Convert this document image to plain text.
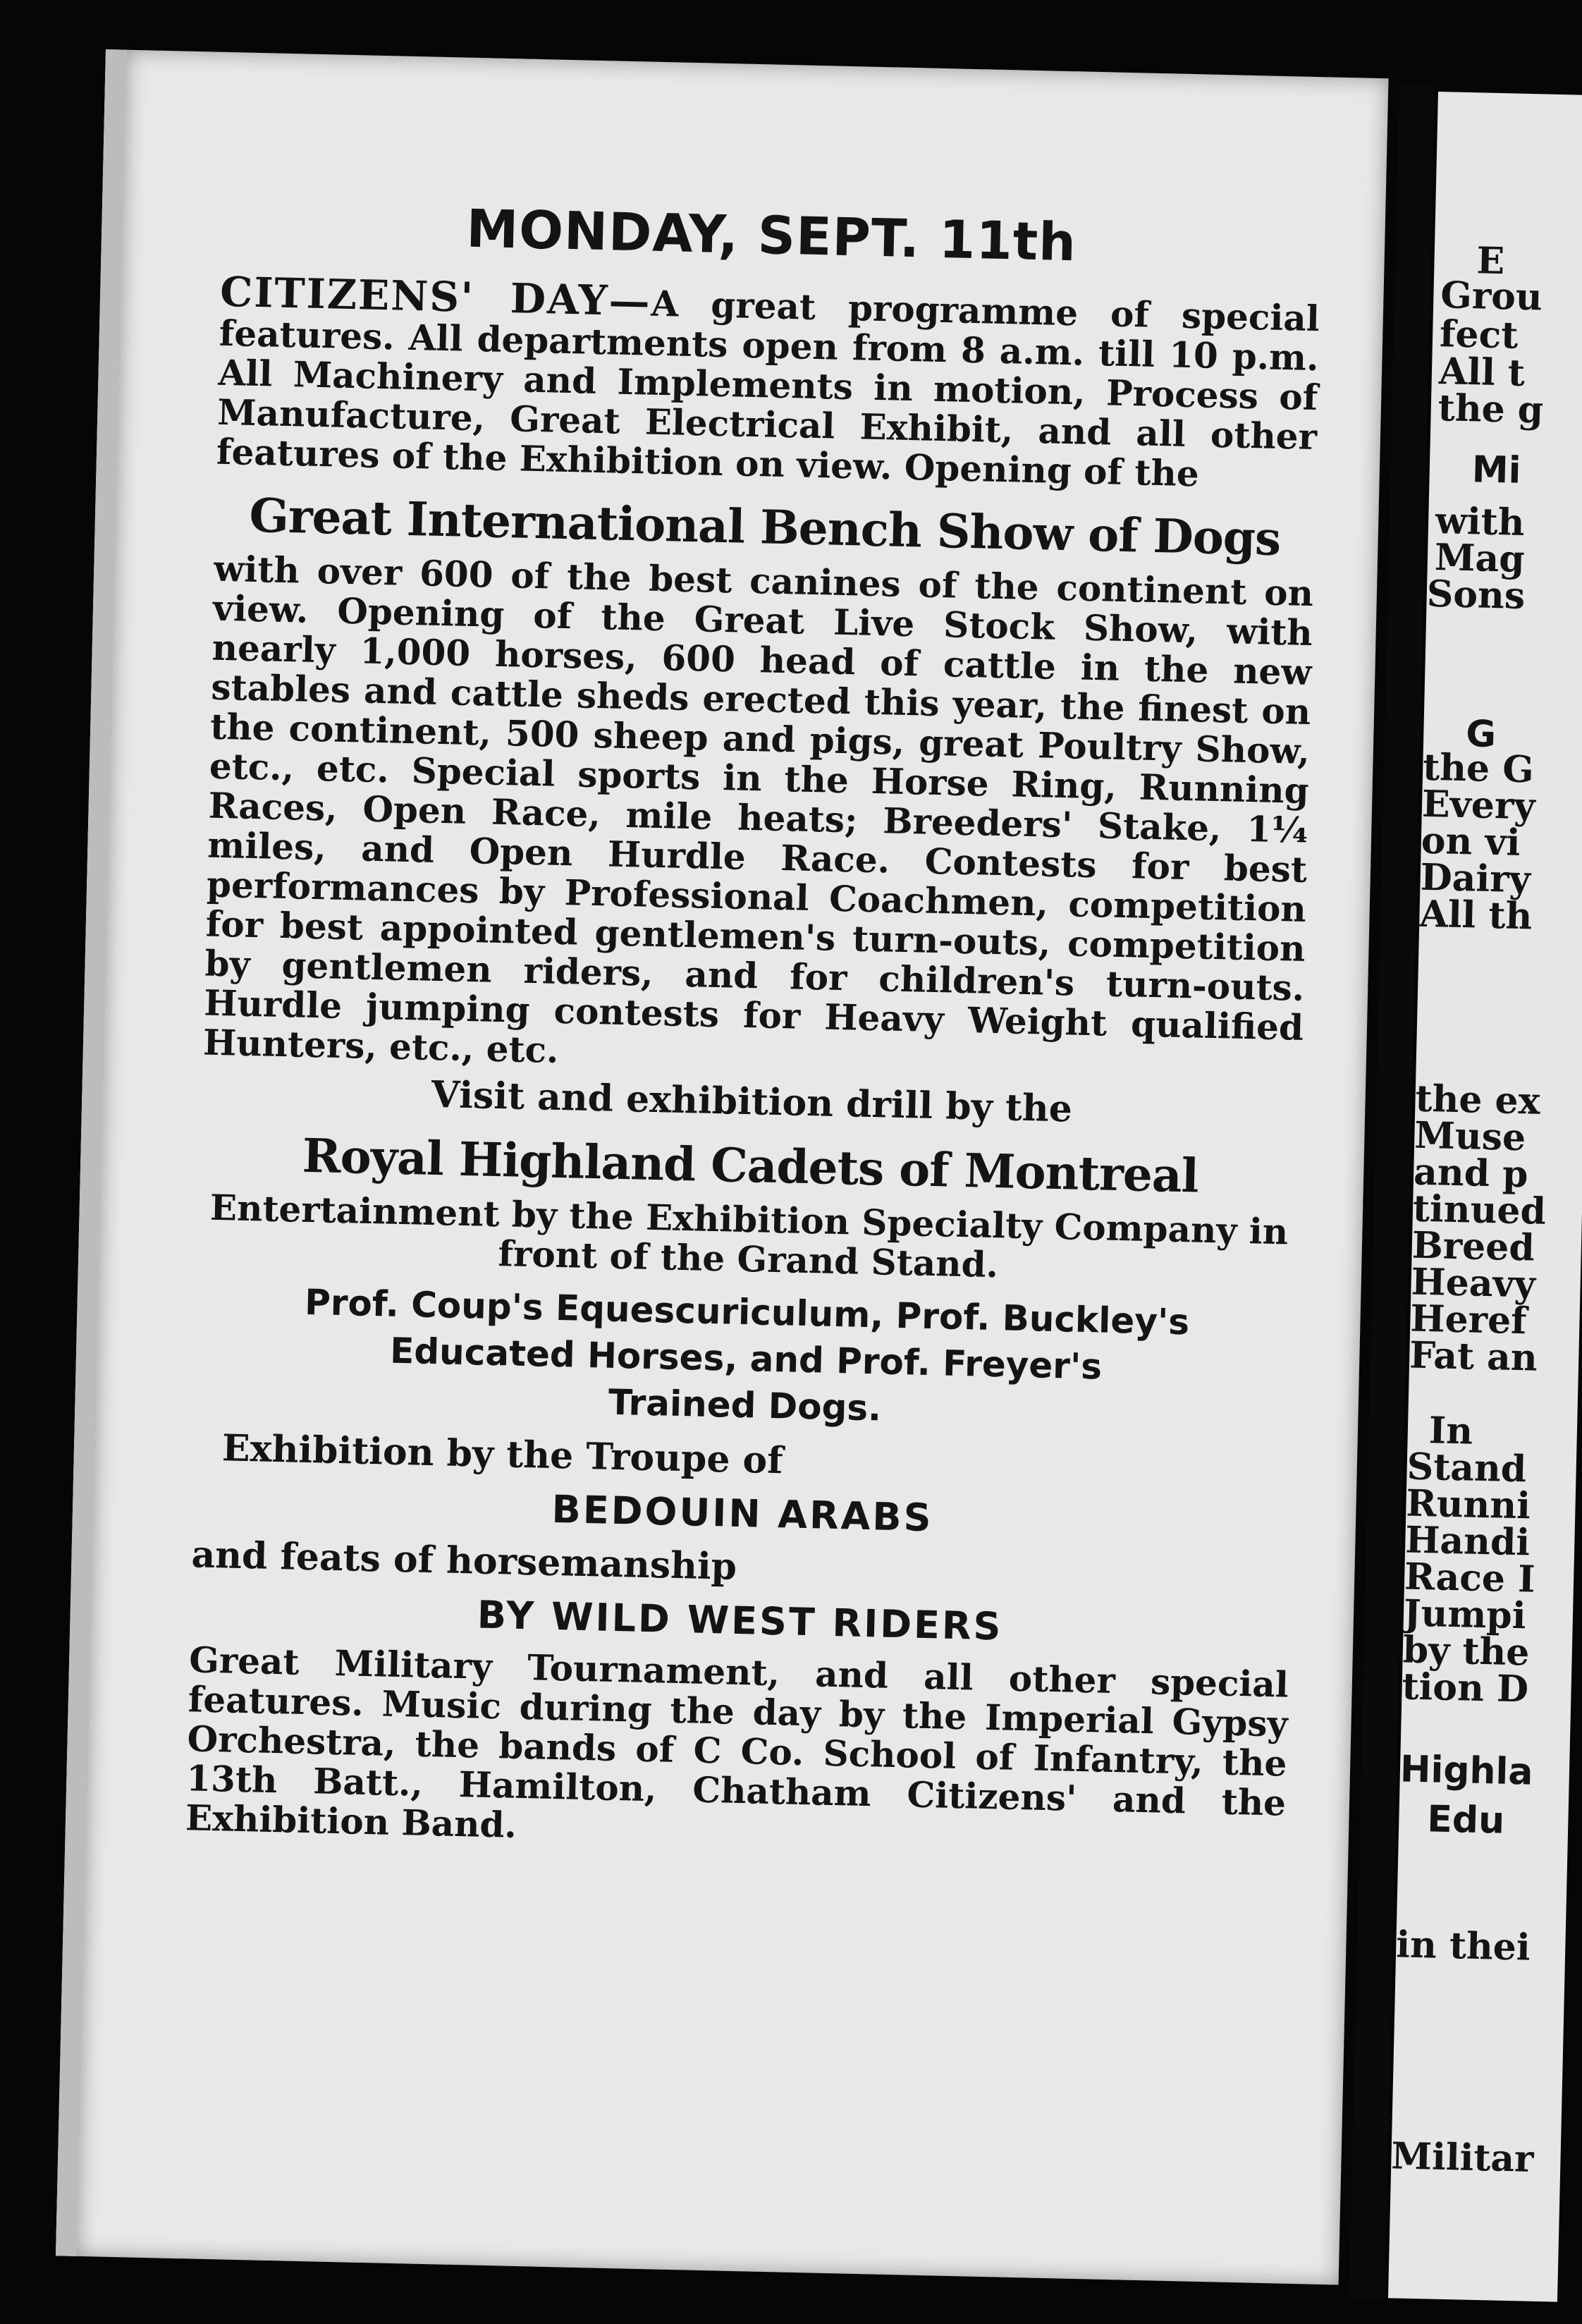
MONDAY, SEPT. 11th

CITIZENS' DAY—A great programme of special features. All departments open from 8 a.m. till 10 p.m. All Machinery and Implements in motion, Process of Manufacture, Great Electrical Exhibit, and all other features of the Exhibition on view. Opening of the

Great International Bench Show of Dogs

with over 600 of the best canines of the continent on view. Opening of the Great Live Stock Show, with nearly 1,000 horses, 600 head of cattle in the new stables and cattle sheds erected this year, the finest on the continent, 500 sheep and pigs, great Poultry Show, etc., etc. Special sports in the Horse Ring, Running Races, Open Race, mile heats; Breeders' Stake, 1¼ miles, and Open Hurdle Race. Contests for best performances by Professional Coachmen, competition for best appointed gentlemen's turn-outs, competition by gentlemen riders, and for children's turn-outs. Hurdle jumping contests for Heavy Weight qualified Hunters, etc., etc.

Visit and exhibition drill by the
Royal Highland Cadets of Montreal

Entertainment by the Exhibition Specialty Company in front of the Grand Stand.

Prof. Coup's Equescuriculum, Prof. Buckley's
Educated Horses, and Prof. Freyer's
Trained Dogs.
Exhibition by the Troupe of
BEDOUIN ARABS
and feats of horsemanship
BY WILD WEST RIDERS

Great Military Tournament, and all other special features. Music during the day by the Imperial Gypsy Orchestra, the bands of C Co. School of Infantry, the 13th Batt., Hamilton, Chatham Citizens' and the Exhibition Band.

E
Grou
fect
All t
the g
Mi
with
Mag
Sons
G
the G
Every
on vi
Dairy
All th
the ex
Muse
and p
tinued
Breed
Heavy
Heref
Fat an
In
Stand
Runni
Handi
Race I
Jumpi
by the
tion D
Highla
Edu
in thei
Militar
